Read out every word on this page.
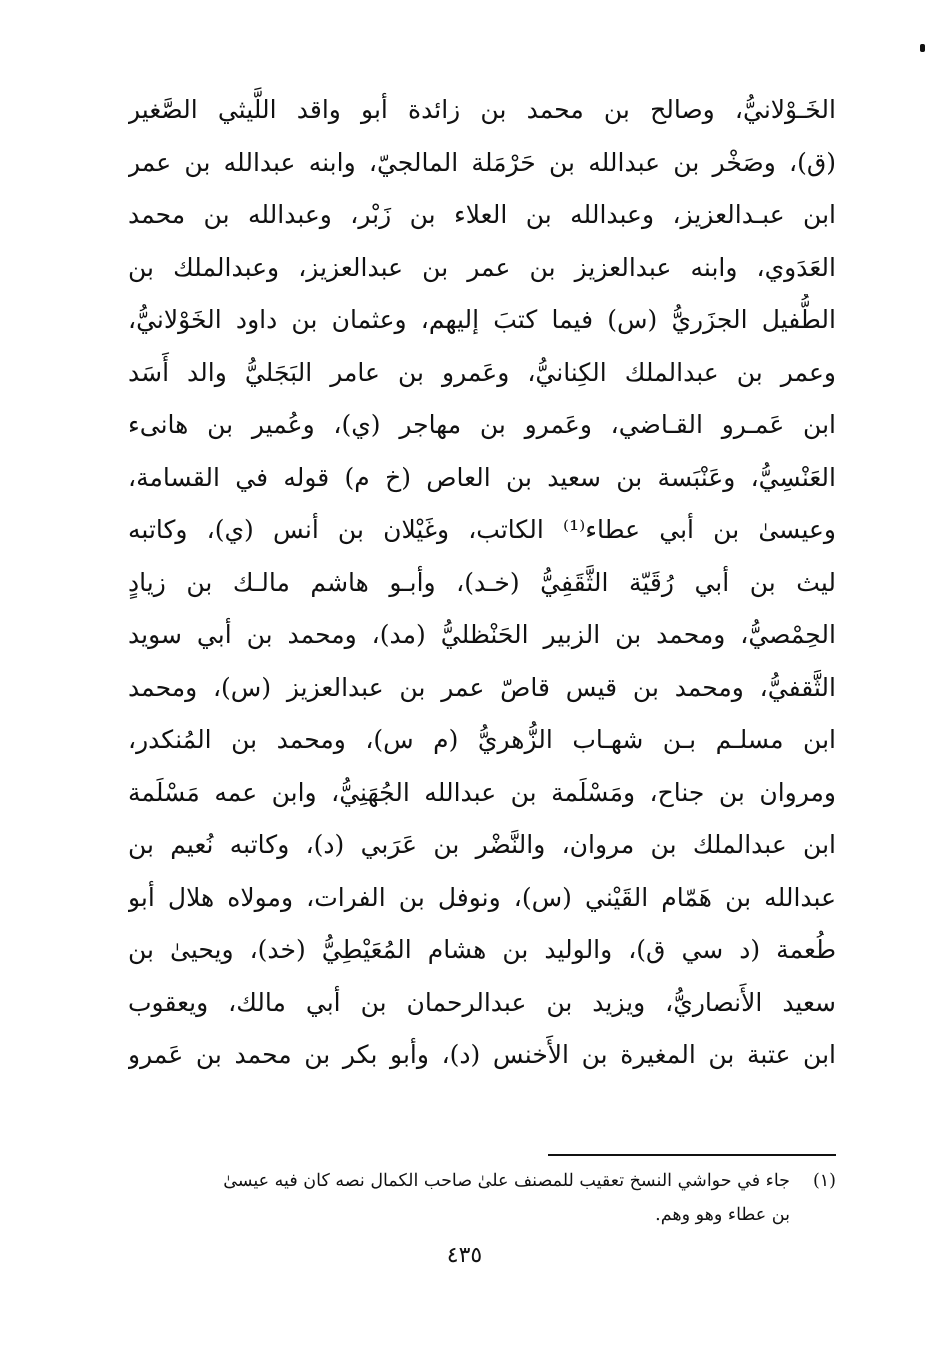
الخَـوْلانيُّ، وصالح بن محمد بن زائدة أبو واقد اللَّيثي الصَّغير
(ق)، وصَخْر بن عبدالله بن حَرْمَلة المالجيّ، وابنه عبدالله بن عمر
ابن عبـدالعزيز، وعبدالله بن العلاء بن زَبْر، وعبدالله بن محمد
العَدَوي، وابنه عبدالعزيز بن عمر بن عبدالعزيز، وعبدالملك بن
الطُّفيل الجزَريُّ (س) فيما كتبَ إليهم، وعثمان بن داود الخَوْلانيُّ،
وعمر بن عبدالملك الكِنانيُّ، وعَمرو بن عامر البَجَليُّ والد أَسَد
ابن عَمـرو القـاضي، وعَمرو بن مهاجر (ي)، وعُمير بن هانىء
العَنْسِيُّ، وعَنْبَسة بن سعيد بن العاص (خ م) قوله في القسامة،
وعيسىٰ بن أبي عطاء⁽¹⁾ الكاتب، وغَيْلان بن أنس (ي)، وكاتبه
ليث بن أبي رُقَيّة الثَّقَفِيُّ (خـد)، وأبـو هاشم مالـك بن زيادٍ
الحِمْصيُّ، ومحمد بن الزبير الحَنْظليُّ (مد)، ومحمد بن أبي سويد
الثَّقفيُّ، ومحمد بن قيس قاصّ عمر بن عبدالعزيز (س)، ومحمد
ابن مسلـم بـن شهـاب الزُّهريُّ (م س)، ومحمد بن المُنكدر،
ومروان بن جناح، ومَسْلَمة بن عبدالله الجُهَنِيُّ، وابن عمه مَسْلَمة
ابن عبدالملك بن مروان، والنَّضْر بن عَرَبي (د)، وكاتبه نُعيم بن
عبدالله بن هَمّام القَيْني (س)، ونوفل بن الفرات، ومولاه هلال أبو
طُعمة (د سي ق)، والوليد بن هشام المُعَيْطِيُّ (خد)، ويحيىٰ بن
سعيد الأَنصاريُّ، ويزيد بن عبدالرحمان بن أبي مالك، ويعقوب
ابن عتبة بن المغيرة بن الأَخنس (د)، وأبو بكر بن محمد بن عَمرو
(١)
جاء في حواشي النسخ تعقيب للمصنف علىٰ صاحب الكمال نصه كان فيه عيسىٰ
بن عطاء وهو وهم.
٤٣٥
